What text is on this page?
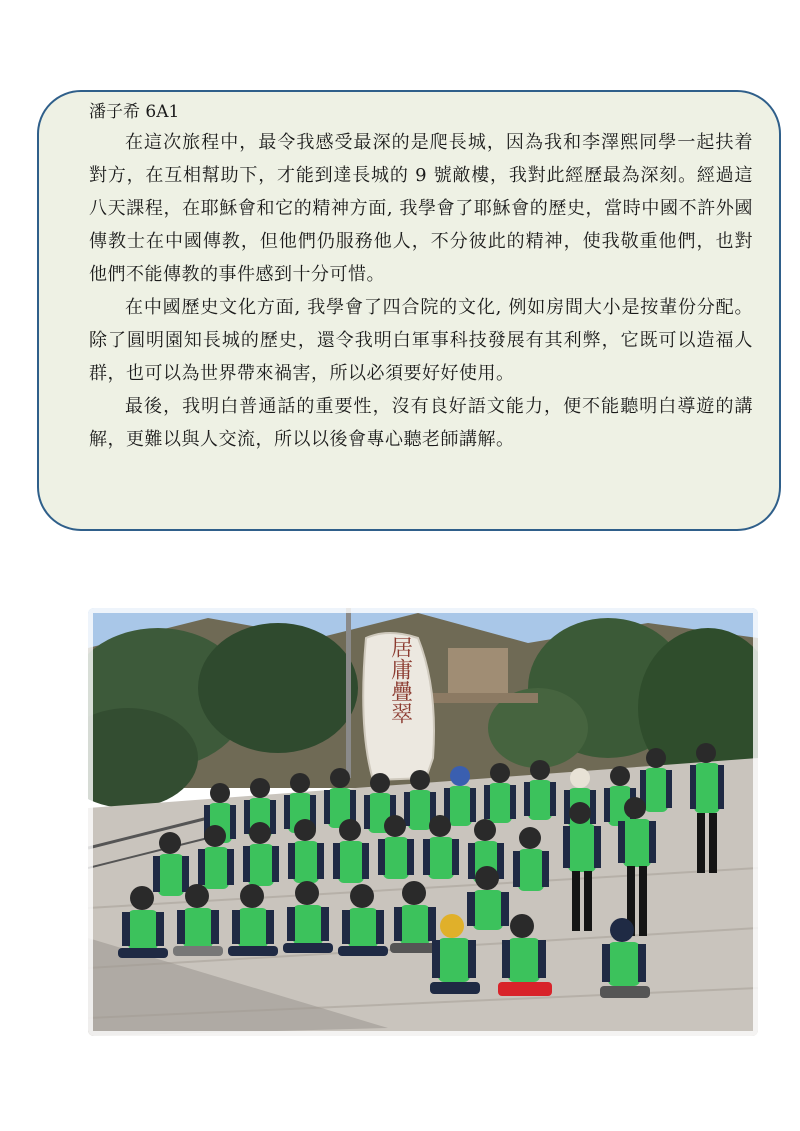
潘子希 6A1

在這次旅程中，最令我感受最深的是爬長城，因為我和李澤熙同學一起扶着對方，在互相幫助下，才能到達長城的 9 號敵樓，我對此經歷最為深刻。經過這八天課程，在耶穌會和它的精神方面, 我學會了耶穌會的歷史，當時中國不許外國傳教士在中國傳教，但他們仍服務他人，不分彼此的精神，使我敬重他們，也對他們不能傳教的事件感到十分可惜。

在中國歷史文化方面, 我學會了四合院的文化, 例如房間大小是按輩份分配。除了圓明園知長城的歷史，還令我明白軍事科技發展有其利弊，它既可以造福人群，也可以為世界帶來禍害，所以必須要好好使用。

最後，我明白普通話的重要性，沒有良好語文能力，便不能聽明白導遊的講解，更難以與人交流，所以以後會專心聽老師講解。

居庸疊翠
